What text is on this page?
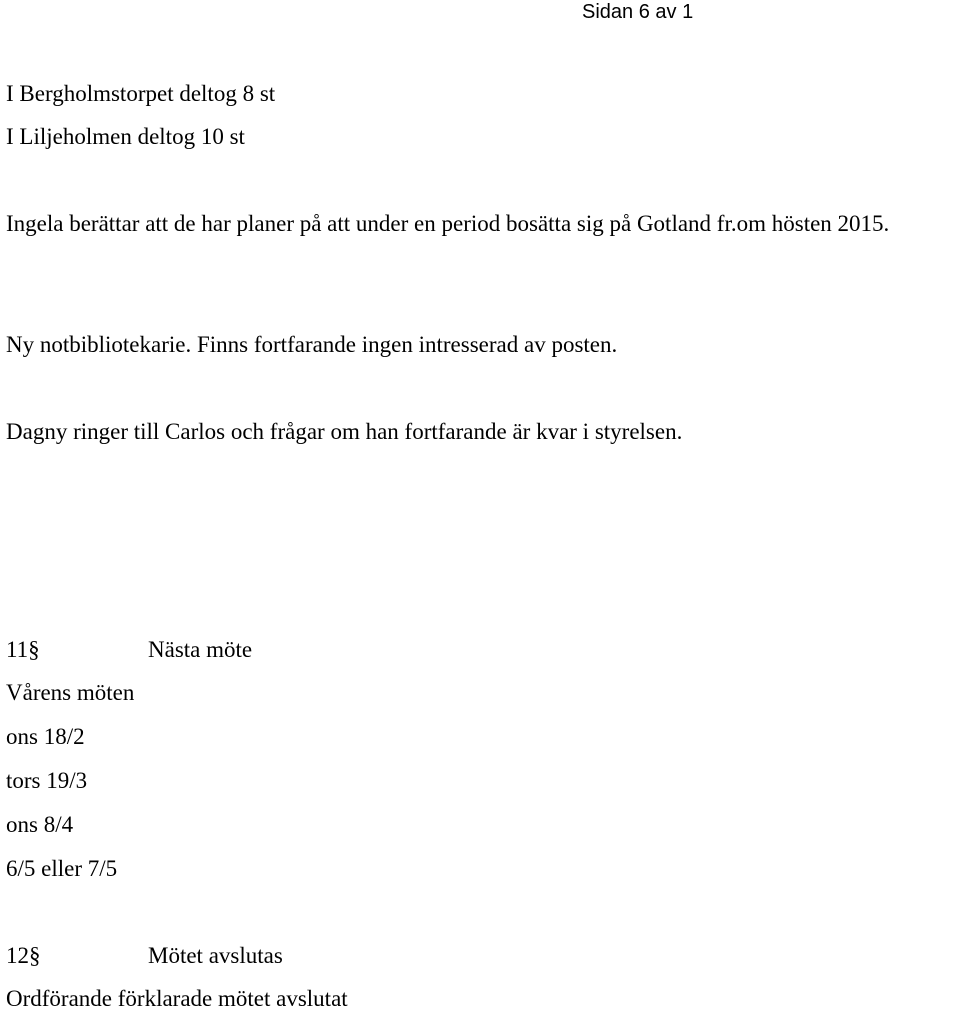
Sidan 6 av 1
I Bergholmstorpet deltog 8 st
I Liljeholmen deltog 10 st
Ingela berättar att de har planer på att under en period bosätta sig på Gotland fr.om hösten 2015.
Ny notbibliotekarie. Finns fortfarande ingen intresserad av posten.
Dagny ringer till Carlos och frågar om han fortfarande är kvar i styrelsen.
11§	Nästa möte
Vårens möten
ons 18/2
tors 19/3
ons 8/4
6/5 eller 7/5
12§	Mötet avslutas
Ordförande förklarade mötet avslutat
